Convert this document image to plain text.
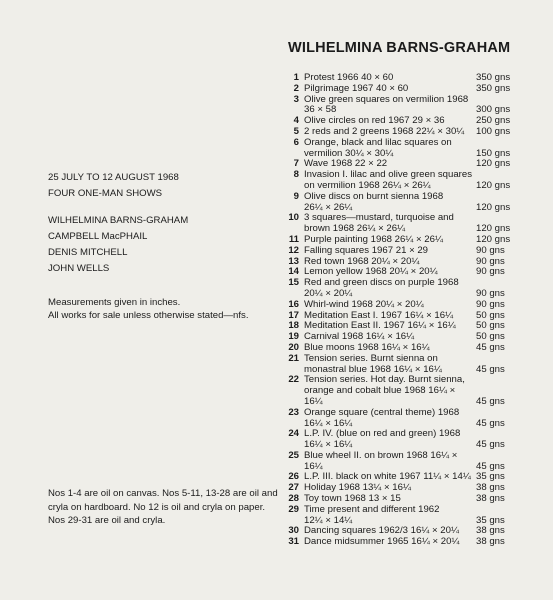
WILHELMINA BARNS-GRAHAM
25 JULY TO 12 AUGUST 1968
FOUR ONE-MAN SHOWS
WILHELMINA BARNS-GRAHAM
CAMPBELL MacPHAIL
DENIS MITCHELL
JOHN WELLS
Measurements given in inches.
All works for sale unless otherwise stated—nfs.
Nos 1-4 are oil on canvas. Nos 5-11, 13-28 are oil and cryla on hardboard. No 12 is oil and cryla on paper. Nos 29-31 are oil and cryla.
1 Protest 1966 40 × 60	350 gns
2 Pilgrimage 1967 40 × 60	350 gns
3 Olive green squares on vermilion 1968
36 × 58	300 gns
4 Olive circles on red 1967 29 × 36	250 gns
5 2 reds and 2 greens 1968 22¼ × 30¼	100 gns
6 Orange, black and lilac squares on
vermilion 30¼ × 30¼	150 gns
7 Wave 1968 22 × 22	120 gns
8 Invasion I. lilac and olive green squares
on vermilion 1968 26¼ × 26¼	120 gns
9 Olive discs on burnt sienna 1968
26¼ × 26¼	120 gns
10 3 squares—mustard, turquoise and
brown 1968 26¼ × 26¼	120 gns
11 Purple painting 1968 26¼ × 26¼	120 gns
12 Falling squares 1967 21 × 29	90 gns
13 Red town 1968 20¼ × 20¼	90 gns
14 Lemon yellow 1968 20¼ × 20¼	90 gns
15 Red and green discs on purple 1968
20¼ × 20¼	90 gns
16 Whirl-wind 1968 20¼ × 20¼	90 gns
17 Meditation East I. 1967 16¼ × 16¼	50 gns
18 Meditation East II. 1967 16¼ × 16¼	50 gns
19 Carnival 1968 16¼ × 16¼	50 gns
20 Blue moons 1968 16¼ × 16¼	45 gns
21 Tension series. Burnt sienna on
monastral blue 1968 16¼ × 16¼	45 gns
22 Tension series. Hot day. Burnt sienna,
orange and cobalt blue 1968 16¼ × 16¼	45 gns
23 Orange square (central theme) 1968
16¼ × 16¼	45 gns
24 L.P. IV. (blue on red and green) 1968
16¼ × 16¼	45 gns
25 Blue wheel II. on brown 1968 16¼ × 16¼	45 gns
26 L.P. III. black on white 1967 11¼ × 14¼ 35 gns
27 Holiday 1968 13¼ × 16¼	38 gns
28 Toy town 1968 13 × 15	38 gns
29 Time present and different 1962
12¼ × 14¼	35 gns
30 Dancing squares 1962/3 16¼ × 20¼	38 gns
31 Dance midsummer 1965 16¼ × 20¼	38 gns
